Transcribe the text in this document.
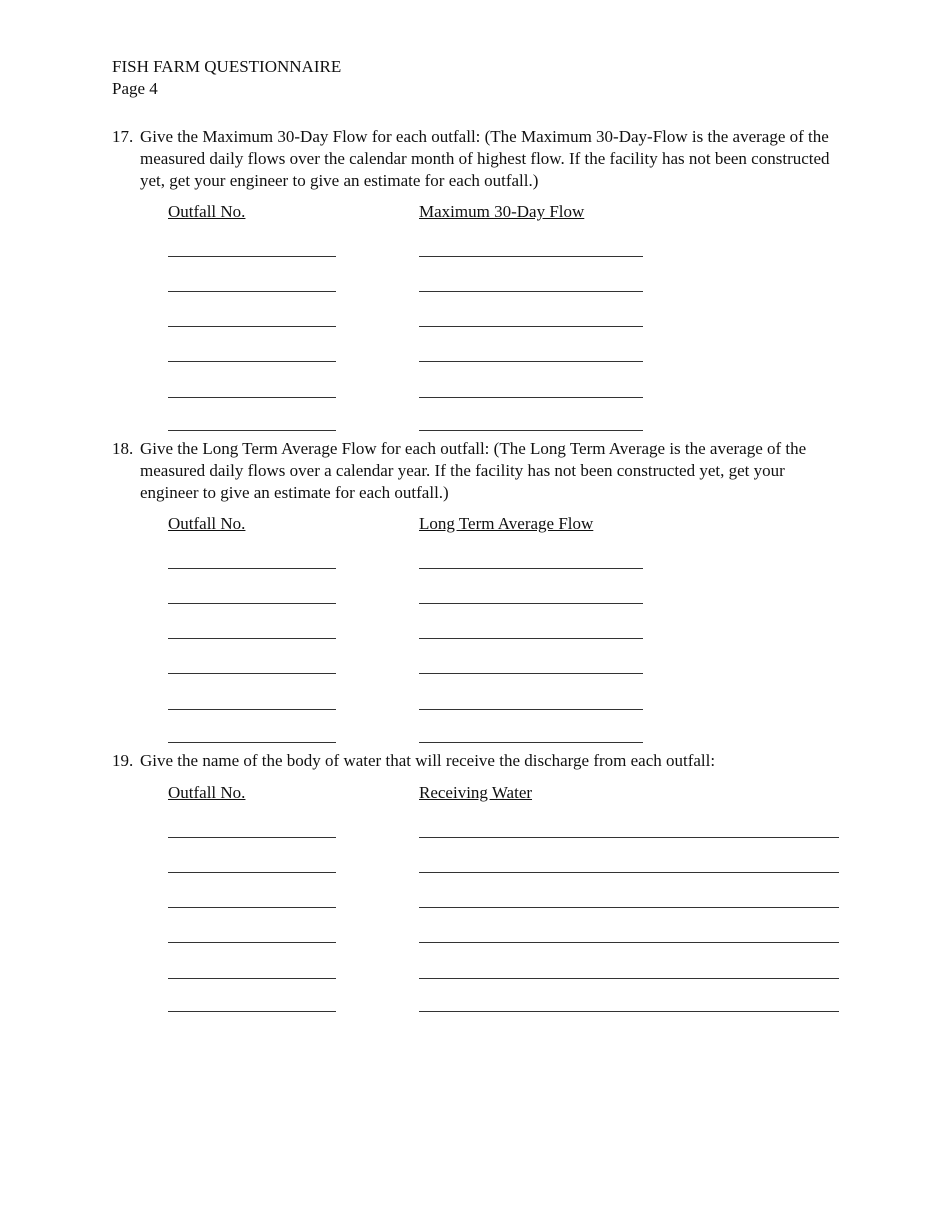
FISH FARM QUESTIONNAIRE
Page 4
17. Give the Maximum 30-Day Flow for each outfall: (The Maximum 30-Day-Flow is the average of the measured daily flows over the calendar month of highest flow. If the facility has not been constructed yet, get your engineer to give an estimate for each outfall.)
Outfall No.	Maximum 30-Day Flow
18. Give the Long Term Average Flow for each outfall: (The Long Term Average is the average of the measured daily flows over a calendar year. If the facility has not been constructed yet, get your engineer to give an estimate for each outfall.)
Outfall No.	Long Term Average Flow
19. Give the name of the body of water that will receive the discharge from each outfall:
Outfall No.	Receiving Water
